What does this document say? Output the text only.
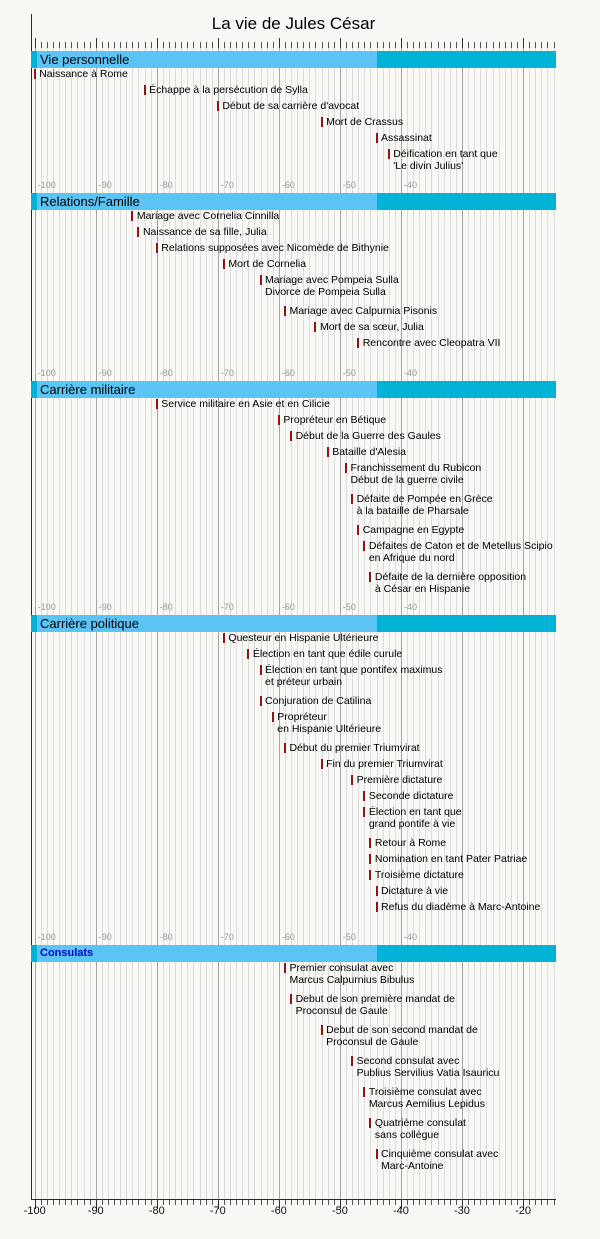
La vie de Jules César
Vie personnelle
-100	-90	-80	-70	-60	-50	-40
Naissance à Rome
Échappe à la persécution de Sylla
Début de sa carrière d'avocat
Mort de Crassus
Assassinat
Déification en tant que
'Le divin Julius'
Relations/Famille
-100	-90	-80	-70	-60	-50	-40
Mariage avec Cornelia Cinnilla
Naissance de sa fille, Julia
Relations supposées avec Nicomède de Bithynie
Mort de Cornelia
Mariage avec Pompeia Sulla
Divorce de Pompeia Sulla
Mariage avec Calpurnia Pisonis
Mort de sa sœur, Julia
Rencontre avec Cleopatra VII
Carrière militaire
-100	-90	-80	-70	-60	-50	-40
Service militaire en Asie et en Cilicie
Propréteur en Bétique
Début de la Guerre des Gaules
Bataille d'Alesia
Franchissement du Rubicon
Début de la guerre civile
Défaite de Pompée en Grèce
à la bataille de Pharsale
Campagne en Egypte
Défaites de Caton et de Metellus Scipio
en Afrique du nord
Défaite de la dernière opposition
à César en Hispanie
Carrière politique
-100	-90	-80	-70	-60	-50	-40
Questeur en Hispanie Ultérieure
Élection en tant que édile curule
Élection en tant que pontifex maximus
et préteur urbain
Conjuration de Catilina
Propréteur
en Hispanie Ultérieure
Début du premier Triumvirat
Fin du premier Triumvirat
Première dictature
Seconde dictature
Élection en tant que
grand pontife à vie
Retour à Rome
Nomination en tant Pater Patriae
Troisième dictature
Dictature à vie
Refus du diadème à Marc-Antoine
Consulats
Premier consulat avec
Marcus Calpurnius Bibulus
Debut de son première mandat de
Proconsul de Gaule
Debut de son second mandat de
Proconsul de Gaule
Second consulat avec
Publius Servilius Vatia Isauricu
Troisième consulat avec
Marcus Aemilius Lepidus
Quatrième consulat
sans collègue
Cinquième consulat avec
Marc-Antoine
-100	-90	-80	-70	-60	-50	-40	-30	-20
